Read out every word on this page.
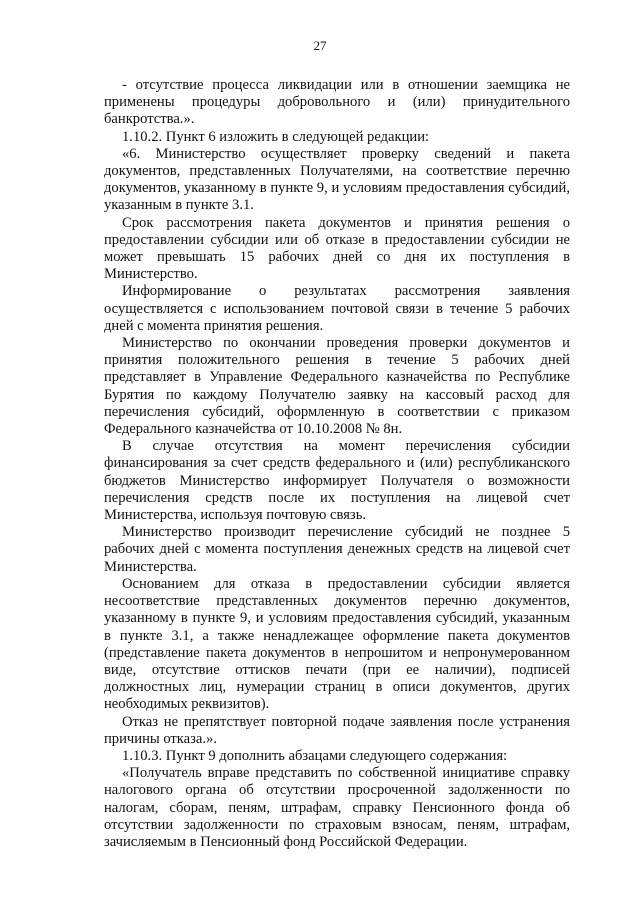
27

- отсутствие процесса ликвидации или в отношении заемщика не применены процедуры добровольного и (или) принудительного банкротства.».

1.10.2. Пункт 6 изложить в следующей редакции:

«6. Министерство осуществляет проверку сведений и пакета документов, представленных Получателями, на соответствие перечню документов, указанному в пункте 9, и условиям предоставления субсидий, указанным в пункте 3.1.

Срок рассмотрения пакета документов и принятия решения о предоставлении субсидии или об отказе в предоставлении субсидии не может превышать 15 рабочих дней со дня их поступления в Министерство.

Информирование о результатах рассмотрения заявления осуществляется с использованием почтовой связи в течение 5 рабочих дней с момента принятия решения.

Министерство по окончании проведения проверки документов и принятия положительного решения в течение 5 рабочих дней представляет в Управление Федерального казначейства по Республике Бурятия по каждому Получателю заявку на кассовый расход для перечисления субсидий, оформленную в соответствии с приказом Федерального казначейства от 10.10.2008 № 8н.

В случае отсутствия на момент перечисления субсидии финансирования за счет средств федерального и (или) республиканского бюджетов Министерство информирует Получателя о возможности перечисления средств после их поступления на лицевой счет Министерства, используя почтовую связь.

Министерство производит перечисление субсидий не позднее 5 рабочих дней с момента поступления денежных средств на лицевой счет Министерства.

Основанием для отказа в предоставлении субсидии является несоответствие представленных документов перечню документов, указанному в пункте 9, и условиям предоставления субсидий, указанным в пункте 3.1, а также ненадлежащее оформление пакета документов (представление пакета документов в непрошитом и непронумерованном виде, отсутствие оттисков печати (при ее наличии), подписей должностных лиц, нумерации страниц в описи документов, других необходимых реквизитов).

Отказ не препятствует повторной подаче заявления после устранения причины отказа.».

1.10.3. Пункт 9 дополнить абзацами следующего содержания:

«Получатель вправе представить по собственной инициативе справку налогового органа об отсутствии просроченной задолженности по налогам, сборам, пеням, штрафам, справку Пенсионного фонда об отсутствии задолженности по страховым взносам, пеням, штрафам, зачисляемым в Пенсионный фонд Российской Федерации.
